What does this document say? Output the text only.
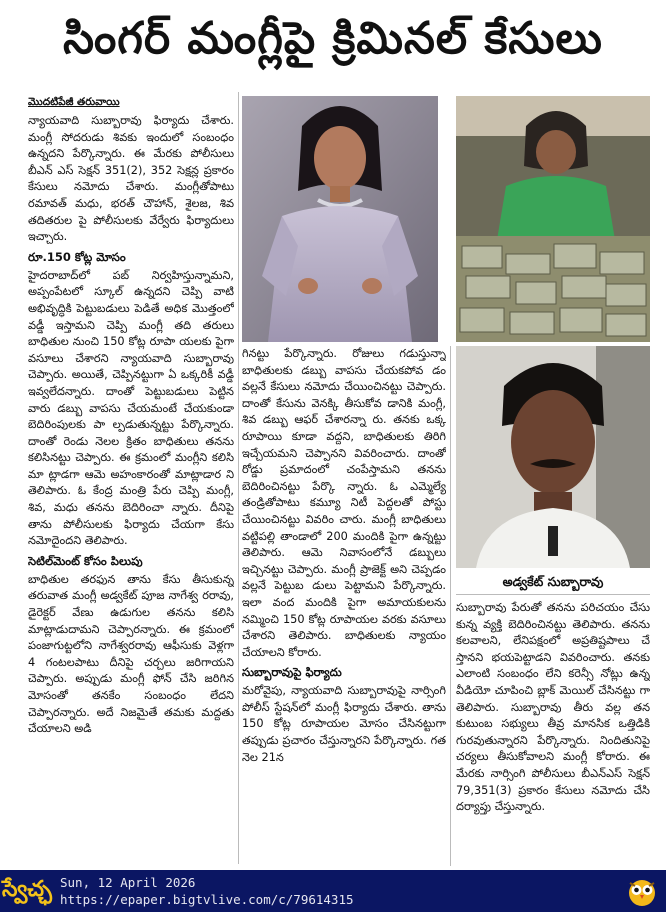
సింగర్ మంగ్లీపై క్రిమినల్ కేసులు
మొదటిపేజీ తరువాయి

న్యాయవాది సుబ్బారావు ఫిర్యాదు చేశారు. మంగ్లీ సోదరుడు శివకు ఇందులో సంబంధం ఉన్నదని పేర్కొన్నారు. ఈ మేరకు పోలీసులు బీఎన్ ఎస్ సెక్షన్ 351(2), 352 సెక్షన్ల ప్రకారం కేసులు నమోదు చేశారు. మంగ్లీతోపాటు రమావత్ మధు, భరత్ చౌహాన్, శైలజ, శివ తదితరుల పై పోలీసులకు వేర్వేరు ఫిర్యాదులు ఇచ్చారు.

రూ.150 కోట్ల మోసం

హైదరాబాద్‌లో పబ్ నిర్వహిస్తున్నామని, అప్పంపేటలో స్కూల్ ఉన్నదని చెప్పి వాటి అభివృద్ధికి పెట్టుబడులు పెడితే అధిక మొత్తంలో వడ్డీ ఇస్తామని చెప్పి మంగ్లీ తది తరులు బాధితుల నుంచి 150 కోట్ల రూపా యలకు పైగా వసూలు చేశారని న్యాయవాది సుబ్బారావు చెప్పారు. అయితే, చెప్పినట్టుగా ఏ ఒక్కరికీ వడ్డీ ఇవ్వలేదన్నారు. దాంతో పెట్టుబడులు పెట్టిన వారు డబ్బు వాపసు చేయమంటే చేయకుండా బెదిరింపులకు పా ల్పడుతున్నట్టు పేర్కొన్నారు. దాంతో రెండు నెలల క్రితం బాధితులు తనను కలిసినట్టు చెప్పారు. ఈ క్రమంలో మంగ్లీని కలిసి మా ట్లాడగా ఆమె అహంకారంతో మాట్లాడార ని తెలిపారు. ఓ కేంద్ర మంత్రి పేరు చెప్పి మంగ్లీ, శివ, మధు తనను బెదిరించా న్నారు. దీనిపై తాను పోలీసులకు ఫిర్యాదు చేయగా కేసు నమోదైందని తెలిపారు.

సెటిల్‌మెంట్ కోసం పిలుపు

బాధితుల తరఫున తాను కేసు తీసుకున్న తరువాత మంగ్లీ అడ్వకేట్ పూజ నాగేశ్వ రరావు, డైరెక్టర్ వేణు ఉడుగుల తనను కలిసి మాట్లాడుదామని చెప్పారన్నారు. ఈ క్రమంలో పంజాగుట్టలోని నాగేశ్వరరావు ఆఫీసుకు వెళ్లగా 4 గంటలపాటు దీనిపై చర్చలు జరిగాయని చెప్పారు. అప్పుడు మంగ్లీ ఫోన్ చేసి జరిగిన మోసంతో తనకేం సంబంధం లేదని చెప్పారన్నారు. అదే నిజమైతే తమకు మద్దతు చేయాలని అడి

అడ్వకేట్ సుబ్బారావు

గినట్టు పేర్కొన్నారు. రోజులు గడుస్తున్నా బాధితులకు డబ్బు వాపసు చేయకపోవ డం వల్లనే కేసులు నమోదు చేయించినట్టు చెప్పారు. దాంతో కేసును వెనక్కి తీసుకోవ డానికి మంగ్లీ, శివ డబ్బు ఆఫర్ చేశారన్నా రు. తనకు ఒక్క రూపాయి కూడా వద్దని, బాధితులకు తిరిగి ఇచ్చేయమని చెప్పానని వివరించారు. దాంతో రోడ్డు ప్రమాదంలో చంపేస్తామని తనను బెదిరించినట్టు పేర్కొ న్నారు. ఓ ఎమ్మెల్యే తండ్రితోపాటు కమ్యూ నిటీ పెద్దలతో పోస్టు చేయించినట్టు వివరిం చారు. మంగ్లీ బాధితులు వట్టిపల్లి తాండాలో 200 మందికి పైగా ఉన్నట్టు తెలిపారు. ఆమె నివాసంలోనే డబ్బులు ఇచ్చినట్టు చెప్పారు. మంగ్లీ ప్రాజెక్ట్ అని చెప్పడం వల్లనే పెట్టుబ డులు పెట్టామని పేర్కొన్నారు. ఇలా వంద మందికి పైగా అమాయకులను నమ్మించి 150 కోట్ల రూపాయల వరకు వసూలు చేశారని తెలిపారు. బాధితులకు న్యాయం చేయాలని కోరారు.

సుబ్బారావుపై ఫిర్యాదు

మరోవైపు, న్యాయవాది సుబ్బారావుపై నార్సింగి పోలీస్ స్టేషన్‌లో మంగ్లీ ఫిర్యాదు చేశారు. తాను 150 కోట్ల రూపాయల మోసం చేసినట్టుగా తప్పుడు ప్రచారం చేస్తున్నారని పేర్కొన్నారు. గత నెల 21న

సుబ్బారావు పేరుతో తనను పరిచయం చేసు కున్న వ్యక్తి బెదిరించినట్టు తెలిపారు. తనను కలవాలని, లేనిపక్షంలో అప్రతిష్టపాలు చే స్తానని భయపెట్టాడని వివరించారు. తనకు ఎలాంటి సంబంధం లేని కరెన్సీ నోట్లు ఉన్న వీడియో చూపించి బ్లాక్ మెయిల్ చేసినట్టు గా తెలిపారు. సుబ్బారావు తీరు వల్ల తన కుటుంబ సభ్యులు తీవ్ర మానసిక ఒత్తిడికి గురవుతున్నారని పేర్కొన్నారు. నిందితునిపై చర్యలు తీసుకోవాలని మంగ్లీ కోరారు. ఈ మేరకు నార్సింగి పోలీసులు బీఎన్ఎస్ సెక్షన్ 79,351(3) ప్రకారం కేసులు నమోదు చేసి దర్యాప్తు చేస్తున్నారు.

స్వేచ్ఛ Sun, 12 April 2026
https://epaper.bigtvlive.com/c/79614315
